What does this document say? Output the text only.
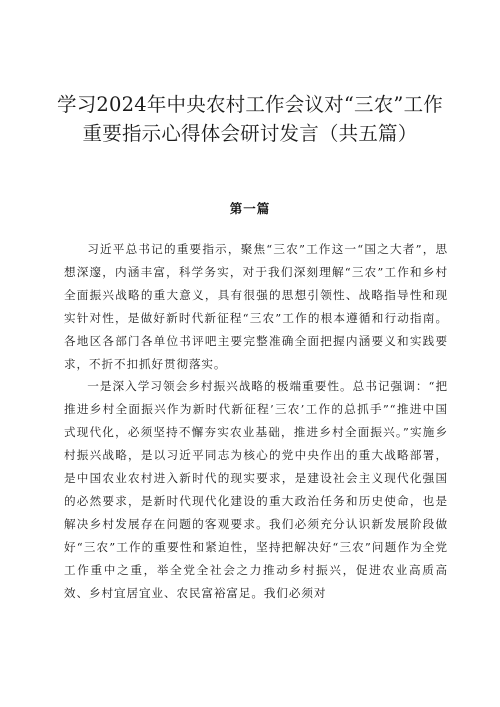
学习2024年中央农村工作会议对“三农”工作重要指示心得体会研讨发言（共五篇）
第一篇

习近平总书记的重要指示，聚焦“三农”工作这一“国之大者”，思想深邃，内涵丰富，科学务实，对于我们深刻理解“三农”工作和乡村全面振兴战略的重大意义，具有很强的思想引领性、战略指导性和现实针对性，是做好新时代新征程“三农”工作的根本遵循和行动指南。各地区各部门各单位书评吧主要完整准确全面把握内涵要义和实践要求，不折不扣抓好贯彻落实。

一是深入学习领会乡村振兴战略的极端重要性。总书记强调：“把推进乡村全面振兴作为新时代新征程’三农’工作的总抓手”“推进中国式现代化，必须坚持不懈夯实农业基础，推进乡村全面振兴。”实施乡村振兴战略，是以习近平同志为核心的党中央作出的重大战略部署，是中国农业农村进入新时代的现实要求，是建设社会主义现代化强国的必然要求，是新时代现代化建设的重大政治任务和历史使命，也是解决乡村发展存在问题的客观要求。我们必须充分认识新发展阶段做好“三农”工作的重要性和紧迫性，坚持把解决好“三农”问题作为全党工作重中之重，举全党全社会之力推动乡村振兴，促进农业高质高效、乡村宜居宜业、农民富裕富足。我们必须对
